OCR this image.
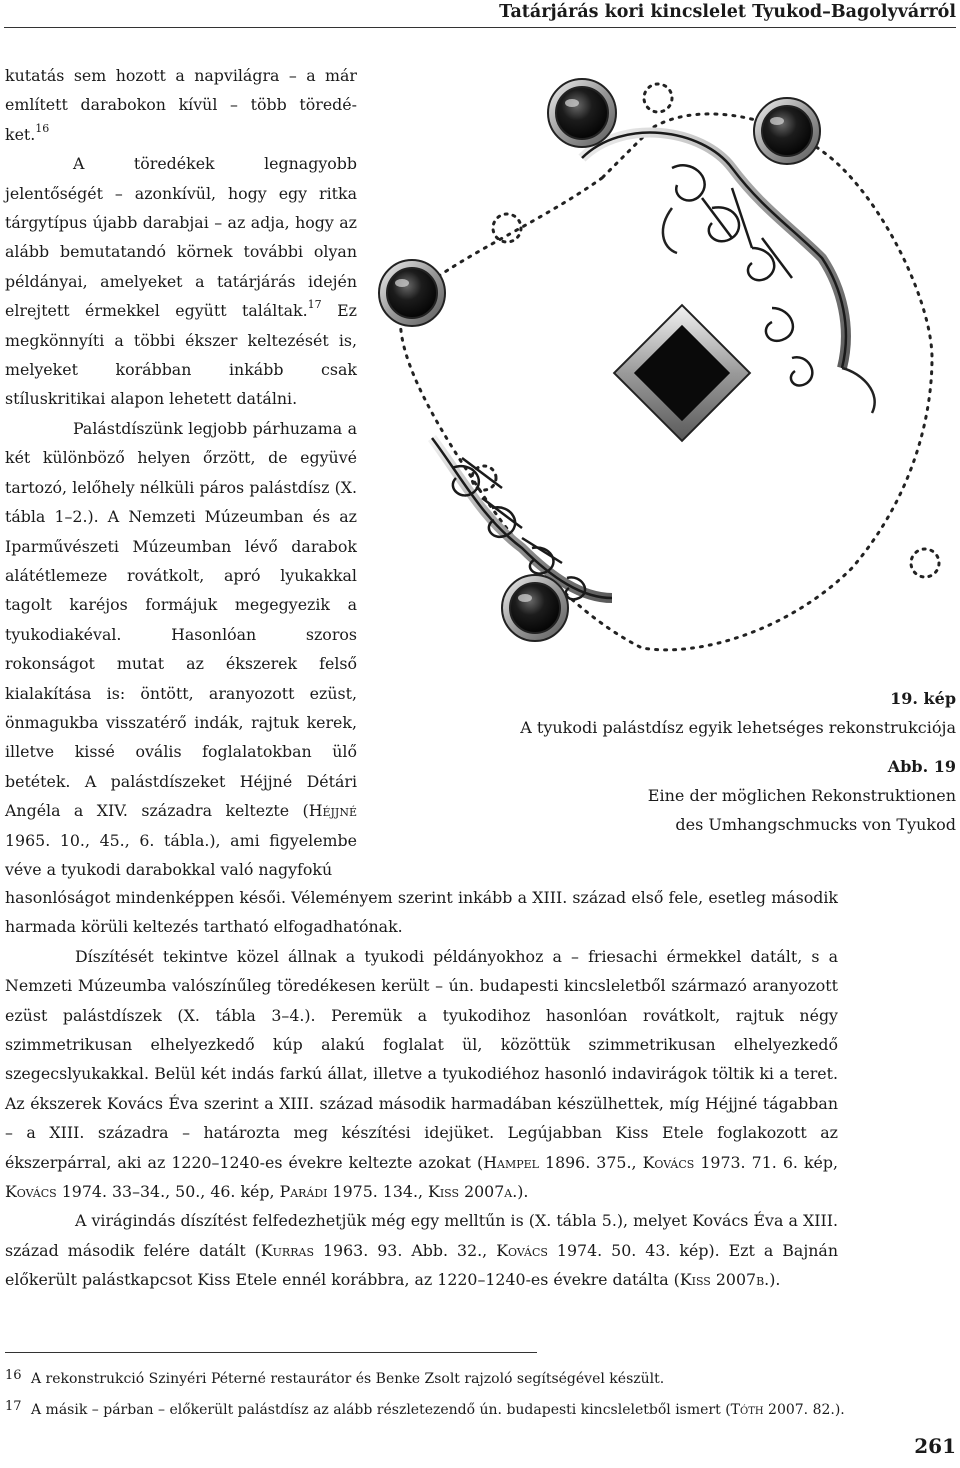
Tatárjárás kori kincslelet Tyukod–Bagolyvárról

kutatás sem hozott a napvilágra – a már említett darabokon kívül – több töredéket.$^{16}$

A töredékek legnagyobb jelentőségét – azonkívül, hogy egy ritka tárgytípus újabb darabjai – az adja, hogy az alább bemutatandó körnek további olyan példányai, amelyeket a tatárjárás idején elrejtett érmekkel együtt találtak.$^{17}$ Ez megkönnyíti a többi ékszer keltezését is, melyeket korábban inkább csak stíluskritikai alapon lehetett datálni.

Palástdíszünk legjobb párhuzama a két különböző helyen őrzött, de együvé tartozó, lelőhely nélküli páros palástdísz (X. tábla 1–2.). A Nemzeti Múzeumban és az Iparművészeti Múzeumban lévő darabok alátétlemeze rovátkolt, apró lyukakkal tagolt karéjos formájuk megegyezik a tyukodiakéval. Hasonlóan szoros rokonságot mutat az ékszerek felső kialakítása is: öntött, aranyozott ezüst, önmagukba visszatérő indák, rajtuk kerek, illetve kissé ovális foglalatokban ülő betétek. A palástdíszeket Héjjné Détári Angéla a XIV. századra keltezte (Héjjné 1965. 10., 45., 6. tábla.), ami figyelembe véve a tyukodi darabokkal való nagyfokú

19. kép
A tyukodi palástdísz egyik lehetséges rekonstrukciója
Abb. 19
Eine der möglichen Rekonstruktionen
des Umhangschmucks von Tyukod

hasonlóságot mindenképpen késői. Véleményem szerint inkább a XIII. század első fele, esetleg második harmada körüli keltezés tartható elfogadhatónak.

Díszítését tekintve közel állnak a tyukodi példányokhoz a – friesachi érmekkel datált, s a Nemzeti Múzeumba valószínűleg töredékesen került – ún. budapesti kincsleletből származó aranyozott ezüst palástdíszek (X. tábla 3–4.). Peremük a tyukodihoz hasonlóan rovátkolt, rajtuk négy szimmetrikusan elhelyezkedő kúp alakú foglalat ül, közöttük szimmetrikusan elhelyezkedő szegecslyukakkal. Belül két indás farkú állat, illetve a tyukodiéhoz hasonló indavirágok töltik ki a teret. Az ékszerek Kovács Éva szerint a XIII. század második harmadában készülhettek, míg Héjjné tágabban – a XIII. századra – határozta meg készítési idejüket. Legújabban Kiss Etele foglakozott az ékszerpárral, aki az 1220–1240-es évekre keltezte azokat (Hampel 1896. 375., Kovács 1973. 71. 6. kép, Kovács 1974. 33–34., 50., 46. kép, Parádi 1975. 134., Kiss 2007a.).

A virágindás díszítést felfedezhetjük még egy melltűn is (X. tábla 5.), melyet Kovács Éva a XIII. század második felére datált (Kurras 1963. 93. Abb. 32., Kovács 1974. 50. 43. kép). Ezt a Bajnán előkerült palástkapcsot Kiss Etele ennél korábbra, az 1220–1240-es évekre datálta (Kiss 2007b.).

16 A rekonstrukció Szinyéri Péterné restaurátor és Benke Zsolt rajzoló segítségével készült.

17 A másik – párban – előkerült palástdísz az alább részletezendő ún. budapesti kincsleletből ismert (Tóth 2007. 82.).

261
